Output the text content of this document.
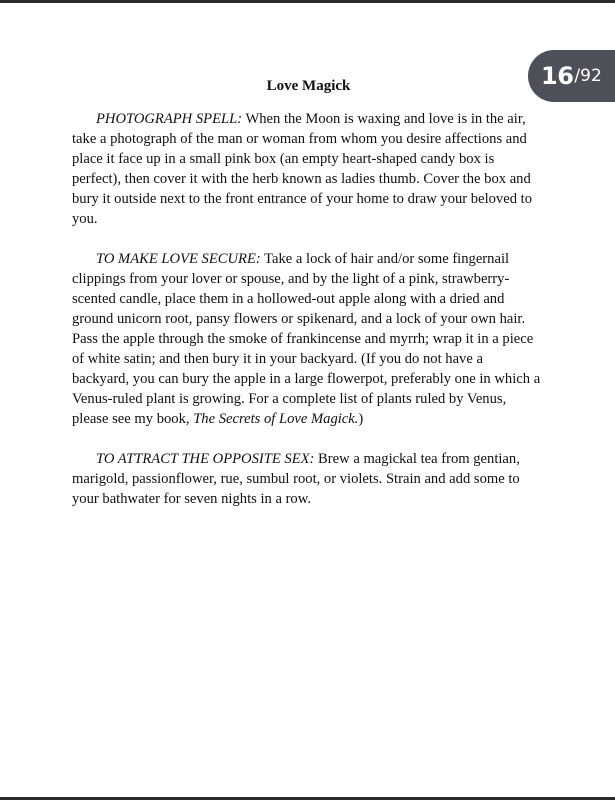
16 /92
Love Magick

PHOTOGRAPH SPELL: When the Moon is waxing and love is in the air, take a photograph of the man or woman from whom you desire affections and place it face up in a small pink box (an empty heart-shaped candy box is perfect), then cover it with the herb known as ladies thumb. Cover the box and bury it outside next to the front entrance of your home to draw your beloved to you.

TO MAKE LOVE SECURE: Take a lock of hair and/or some fingernail clippings from your lover or spouse, and by the light of a pink, strawberry-scented candle, place them in a hollowed-out apple along with a dried and ground unicorn root, pansy flowers or spikenard, and a lock of your own hair. Pass the apple through the smoke of frankincense and myrrh; wrap it in a piece of white satin; and then bury it in your backyard. (If you do not have a backyard, you can bury the apple in a large flowerpot, preferably one in which a Venus-ruled plant is growing. For a complete list of plants ruled by Venus, please see my book, The Secrets of Love Magick.)

TO ATTRACT THE OPPOSITE SEX: Brew a magickal tea from gentian, marigold, passionflower, rue, sumbul root, or violets. Strain and add some to your bathwater for seven nights in a row.
